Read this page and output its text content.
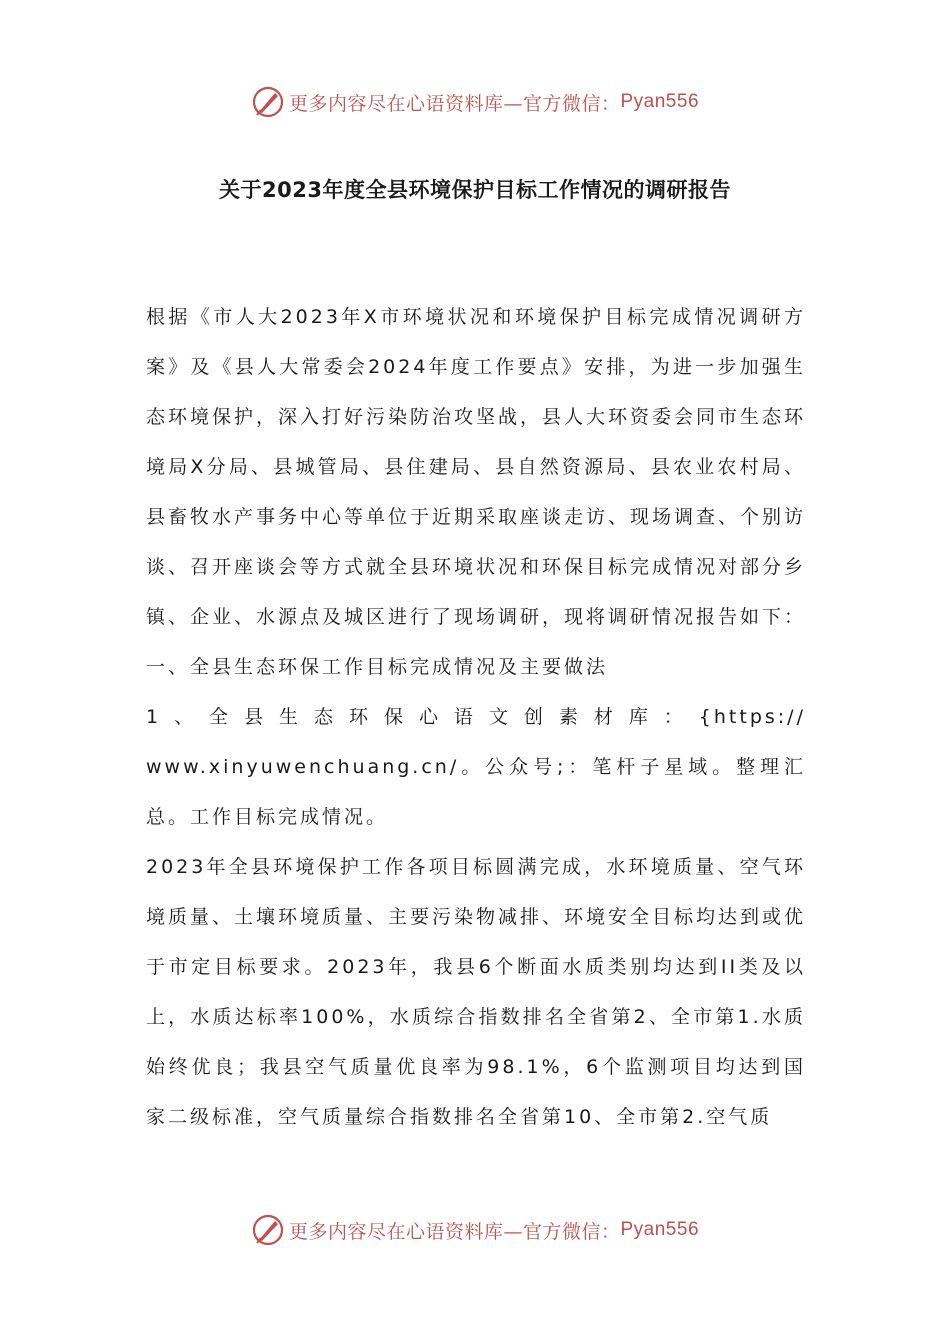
更多内容尽在心语资料库— 官方微信： Pyan556
关于2023年度全县环境保护目标工作情况的调研报告

根据《市人大2023年X市环境状况和环境保护目标完成情况调研方案》及《县人大常委会2024年度工作要点》安排，为进一步加强生态环境保护，深入打好污染防治攻坚战，县人大环资委会同市生态环境局X分局、县城管局、县住建局、县自然资源局、县农业农村局、县畜牧水产事务中心等单位于近期采取座谈走访、现场调查、个别访谈、召开座谈会等方式就全县环境状况和环保目标完成情况对部分乡镇、企业、水源点及城区进行了现场调研，现将调研情况报告如下：

一、全县生态环保工作目标完成情况及主要做法

1、全县生态环保心语文创素材库：{https://

www.xinyuwenchuang.cn/。公众号;：笔杆子星域。整理汇总。工作目标完成情况。

2023年全县环境保护工作各项目标圆满完成，水环境质量、空气环境质量、土壤环境质量、主要污染物减排、环境安全目标均达到或优于市定目标要求。2023年，我县6个断面水质类别均达到II类及以上，水质达标率100%，水质综合指数排名全省第2、全市第1.水质始终优良；我县空气质量优良率为98.1%，6个监测项目均达到国家二级标准，空气质量综合指数排名全省第10、全市第2.空气质

更多内容尽在心语资料库— 官方微信： Pyan556
